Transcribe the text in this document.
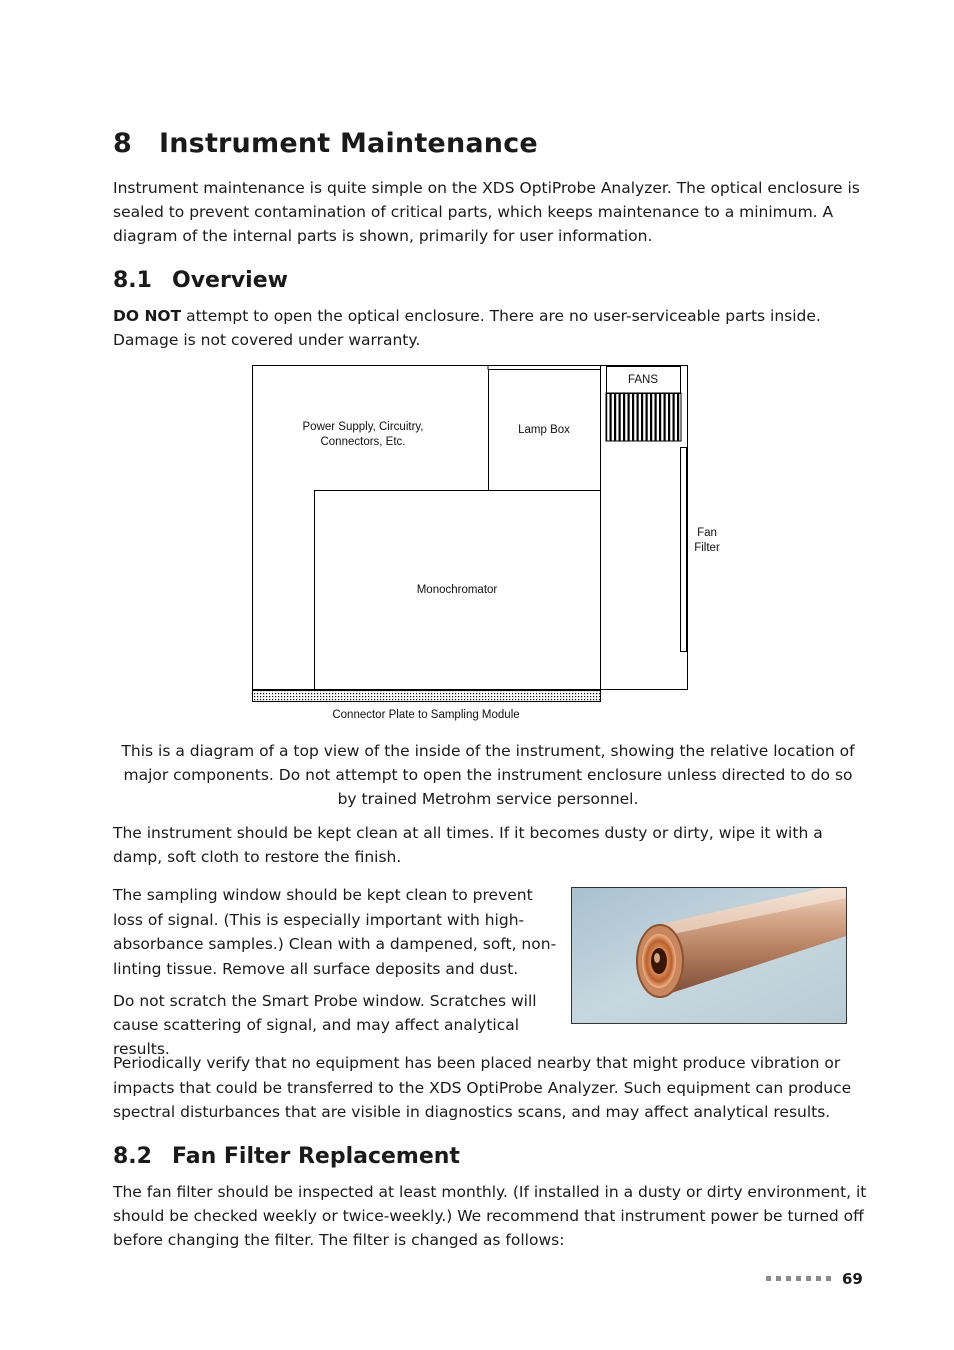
8 Instrument Maintenance

Instrument maintenance is quite simple on the XDS OptiProbe Analyzer. The optical enclosure is sealed to prevent contamination of critical parts, which keeps maintenance to a minimum. A diagram of the internal parts is shown, primarily for user information.

8.1 Overview

DO NOT attempt to open the optical enclosure. There are no user-serviceable parts inside. Damage is not covered under warranty.

Power Supply, Circuitry,
Connectors, Etc.
Lamp Box
FANS
Fan
Filter
Monochromator
Connector Plate to Sampling Module

This is a diagram of a top view of the inside of the instrument, showing the relative location of major components. Do not attempt to open the instrument enclosure unless directed to do so by trained Metrohm service personnel.

The instrument should be kept clean at all times. If it becomes dusty or dirty, wipe it with a damp, soft cloth to restore the finish.

The sampling window should be kept clean to prevent loss of signal. (This is especially important with high-absorbance samples.) Clean with a dampened, soft, non-linting tissue. Remove all surface deposits and dust.

Do not scratch the Smart Probe window. Scratches will cause scattering of signal, and may affect analytical results.

Periodically verify that no equipment has been placed nearby that might produce vibration or impacts that could be transferred to the XDS OptiProbe Analyzer. Such equipment can produce spectral disturbances that are visible in diagnostics scans, and may affect analytical results.

8.2 Fan Filter Replacement

The fan filter should be inspected at least monthly. (If installed in a dusty or dirty environment, it should be checked weekly or twice-weekly.) We recommend that instrument power be turned off before changing the filter. The filter is changed as follows:

69
